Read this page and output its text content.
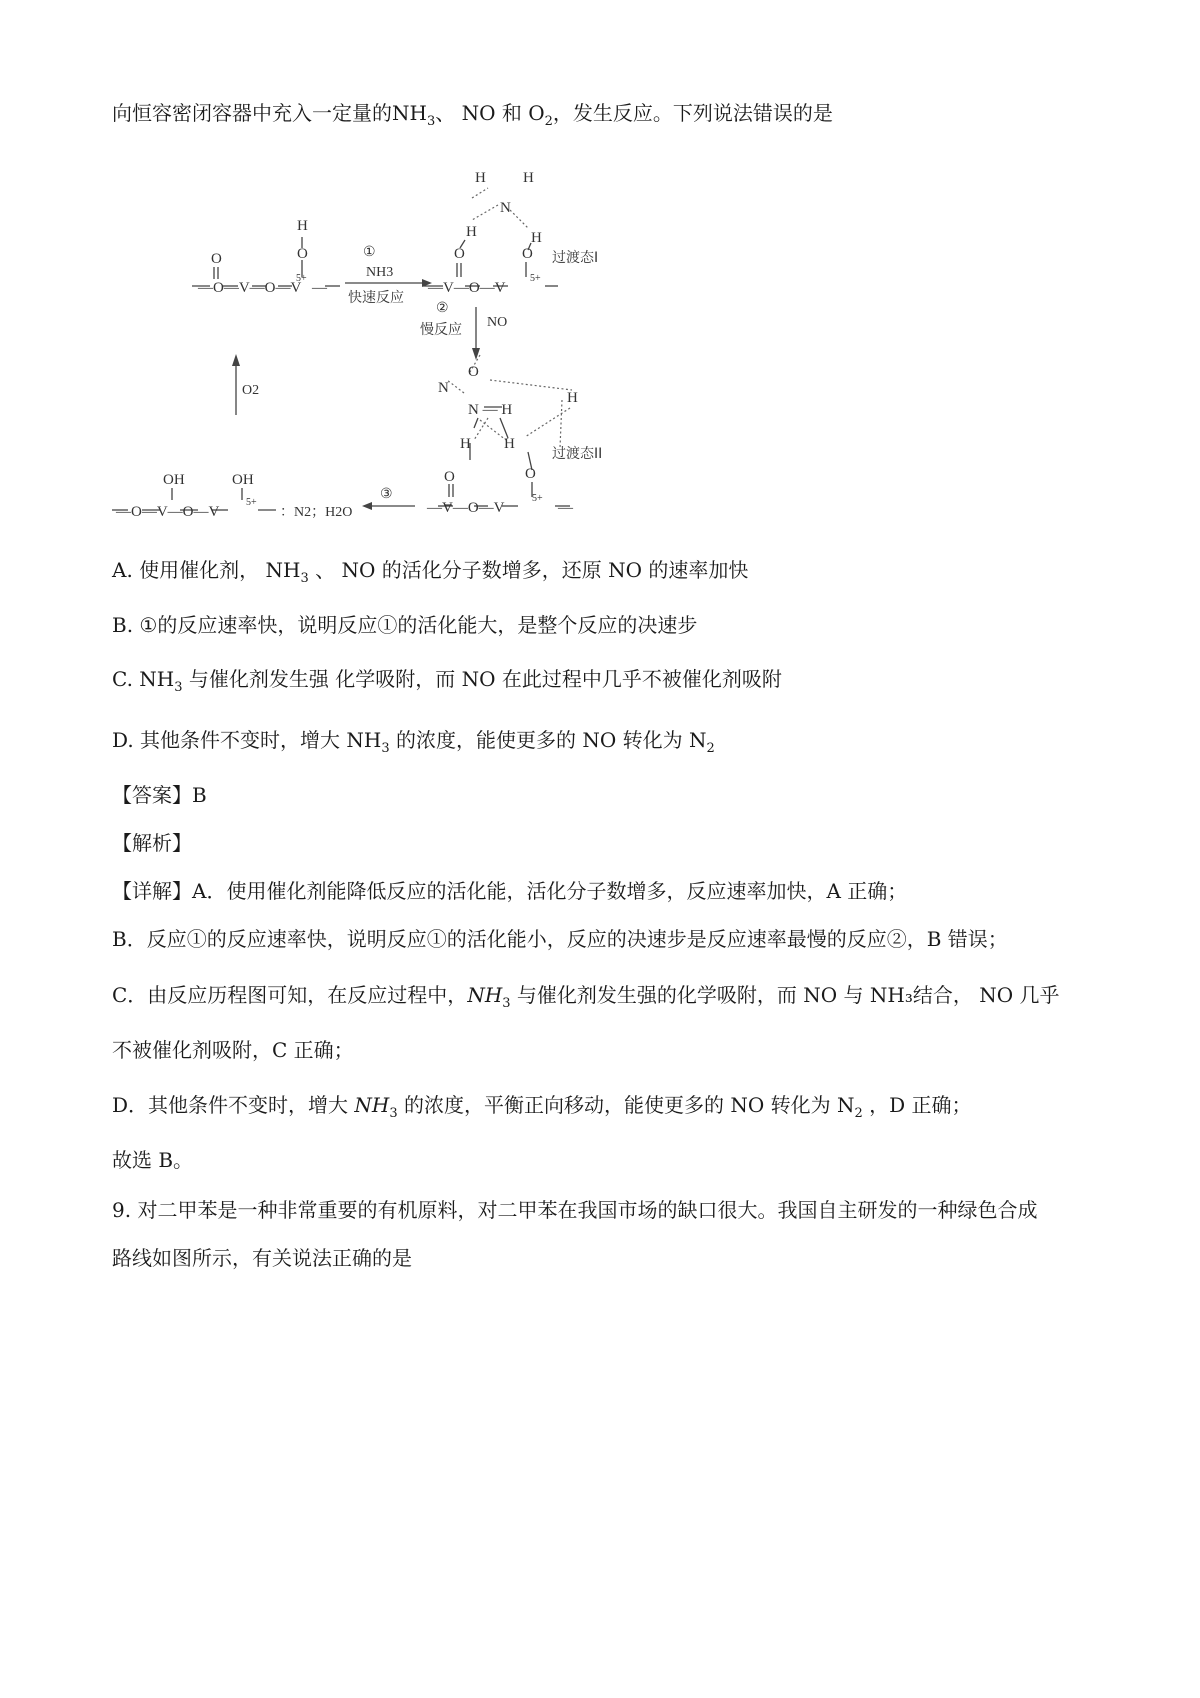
向恒容密闭容器中充入一定量的$NH_3$、 NO 和 $O_2$，发生反应。下列说法错误的是
—O—V—O—V
5+
—
O
H
O
—V—O—V
5+
O	O
H H
N
H	H
N
O
N — H
H
H H
O
O
—V—O—V
5+
—
OH	OH
—O—V—O—V
5+
①
NH3
快速反应
②
慢反应 NO
O2
过渡态I
过渡态II
③
：N2；H2O
A. 使用催化剂， $NH_3$ 、 NO 的活化分子数增多，还原 NO 的速率加快
B. ①的反应速率快，说明反应①的活化能大，是整个反应的决速步
C. $NH_3$ 与催化剂发生强 化学吸附，而 NO 在此过程中几乎不被催化剂吸附
D. 其他条件不变时，增大 $NH_3$ 的浓度，能使更多的 NO 转化为 $N_2$
【答案】B
【解析】
【详解】A．使用催化剂能降低反应的活化能，活化分子数增多，反应速率加快，A 正确；
B．反应①的反应速率快，说明反应①的活化能小，反应的决速步是反应速率最慢的反应②，B 错误；
C．由反应历程图可知，在反应过程中，$NH_3$ 与催化剂发生强的化学吸附，而 NO 与 NH₃结合， NO 几乎
不被催化剂吸附，C 正确；
D．其他条件不变时，增大 $NH_3$ 的浓度，平衡正向移动，能使更多的 NO 转化为 $N_2$ ，D 正确；
故选 B。
9. 对二甲苯是一种非常重要的有机原料，对二甲苯在我国市场的缺口很大。我国自主研发的一种绿色合成
路线如图所示，有关说法正确的是
